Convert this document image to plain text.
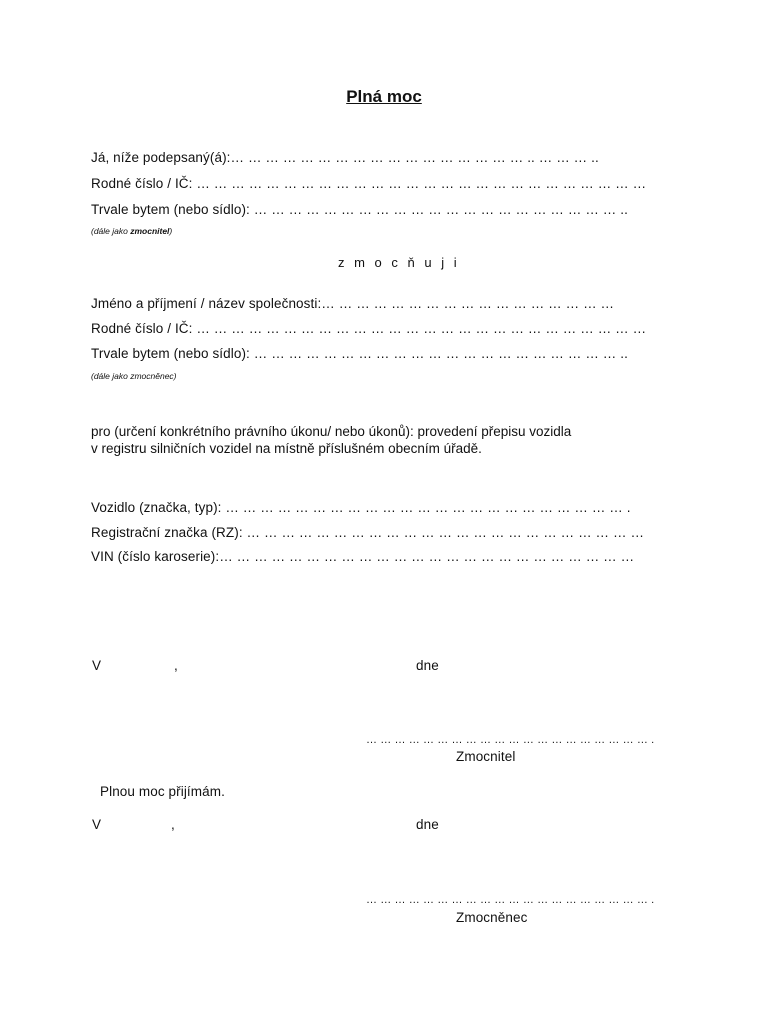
Plná moc
Já, níže podepsaný(á):… … … … … … … … … … … … … … … … … .. … … … ..
Rodné číslo / IČ: … … … … … … … … … … … … … … … … … … … … … … … … … …
Trvale bytem (nebo sídlo): … … … … … … … … … … … … … … … … … … … … … ..
(dále jako zmocnitel)
z m o c ň u j i
Jméno a příjmení / název společnosti:… … … … … … … … … … … … … … … … …
Rodné číslo / IČ: … … … … … … … … … … … … … … … … … … … … … … … … … …
Trvale bytem (nebo sídlo): … … … … … … … … … … … … … … … … … … … … … ..
(dále jako zmocněnec)
pro (určení konkrétního právního úkonu/ nebo úkonů): provedení přepisu vozidla
v registru silničních vozidel na místně příslušném obecním úřadě.
Vozidlo (značka, typ): … … … … … … … … … … … … … … … … … … … … … … … .
Registrační značka (RZ): … … … … … … … … … … … … … … … … … … … … … … …
VIN (číslo karoserie):… … … … … … … … … … … … … … … … … … … … … … … …
V	,	dne
… … … … … … … … … … … … … … … … … … … … .
Zmocnitel
Plnou moc přijímám.
V	,	dne
… … … … … … … … … … … … … … … … … … … … .
Zmocněnec
